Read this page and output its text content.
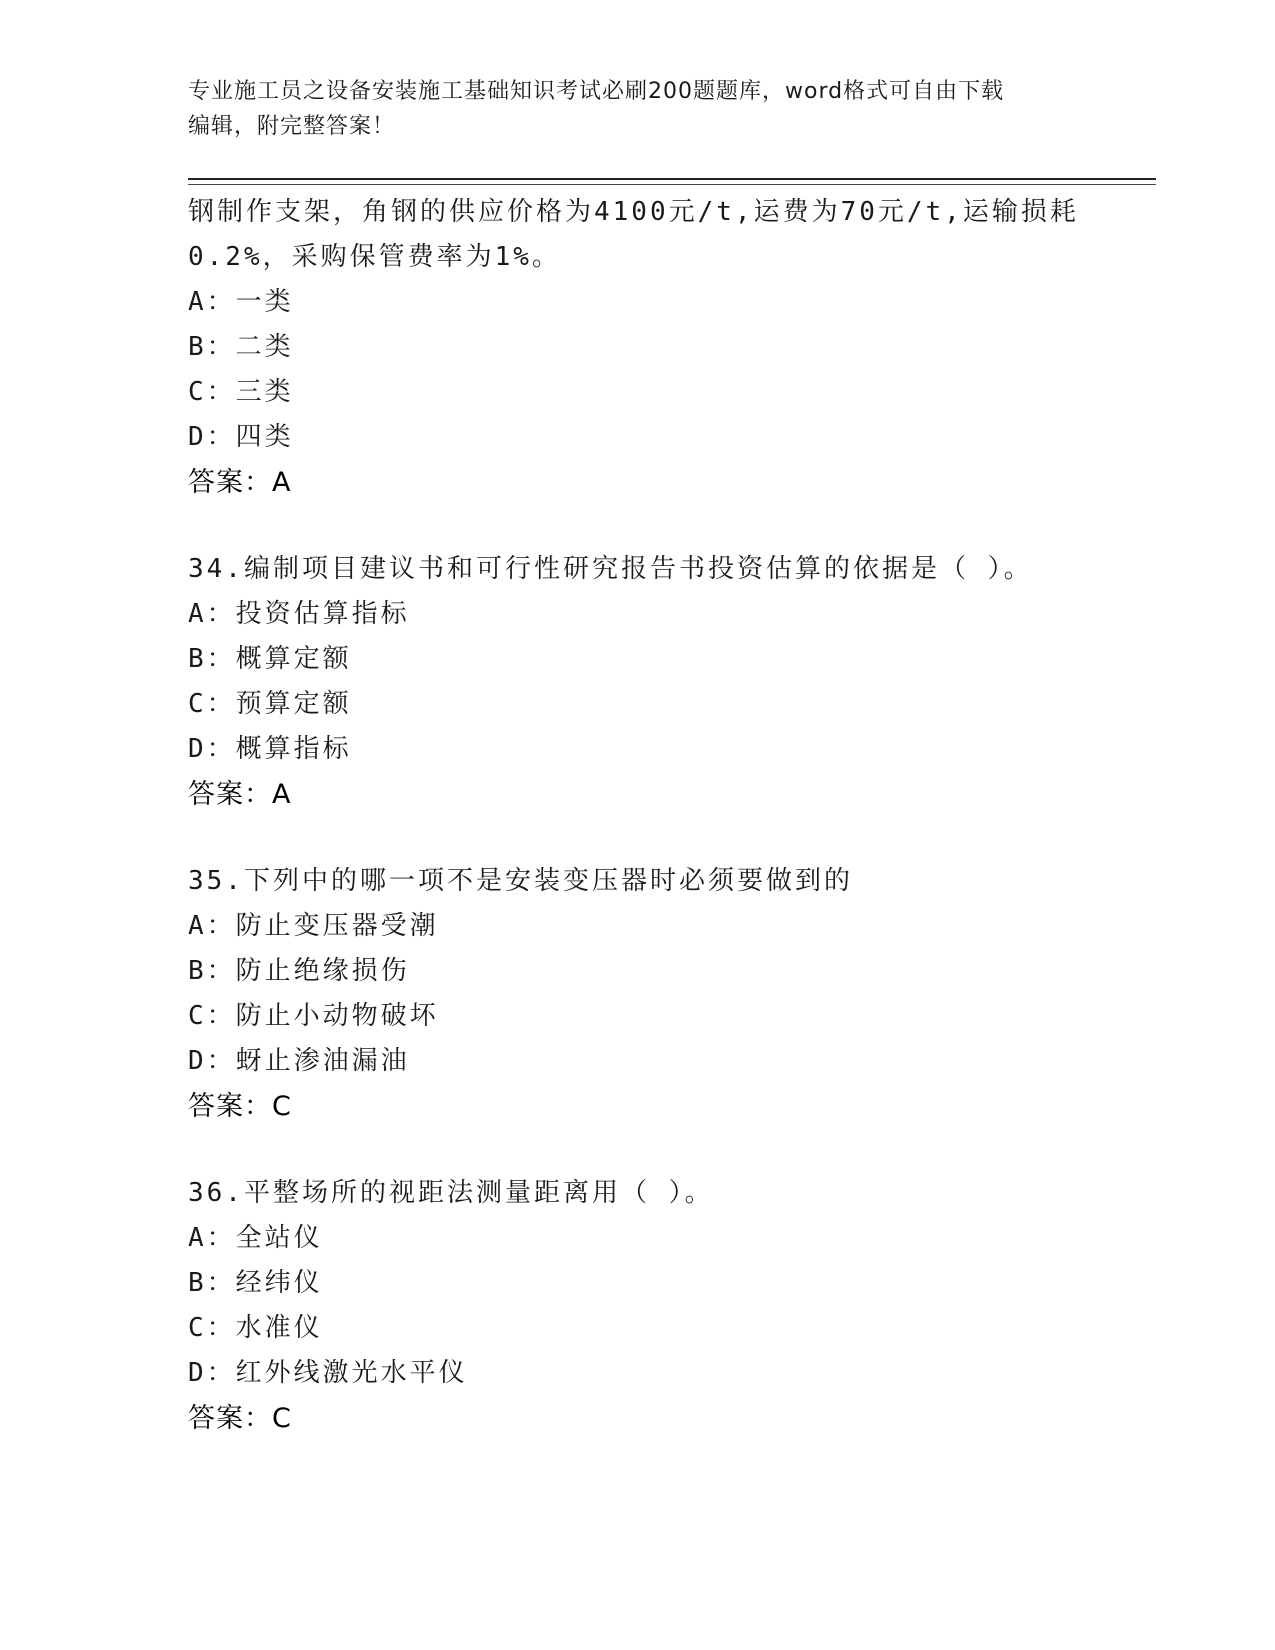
专业施工员之设备安装施工基础知识考试必刷200题题库，word格式可自由下载
编辑，附完整答案！
钢制作支架，角钢的供应价格为4100元/t,运费为70元/t,运输损耗
0.2%，采购保管费率为1%。
A：一类
B：二类
C：三类
D：四类
答案：A
34.编制项目建议书和可行性研究报告书投资估算的依据是（ ）。
A：投资估算指标
B：概算定额
C：预算定额
D：概算指标
答案：A
35.下列中的哪一项不是安装变压器时必须要做到的
A：防止变压器受潮
B：防止绝缘损伤
C：防止小动物破坏
D：蚜止渗油漏油
答案：C
36.平整场所的视距法测量距离用（ ）。
A：全站仪
B：经纬仪
C：水准仪
D：红外线激光水平仪
答案：C
